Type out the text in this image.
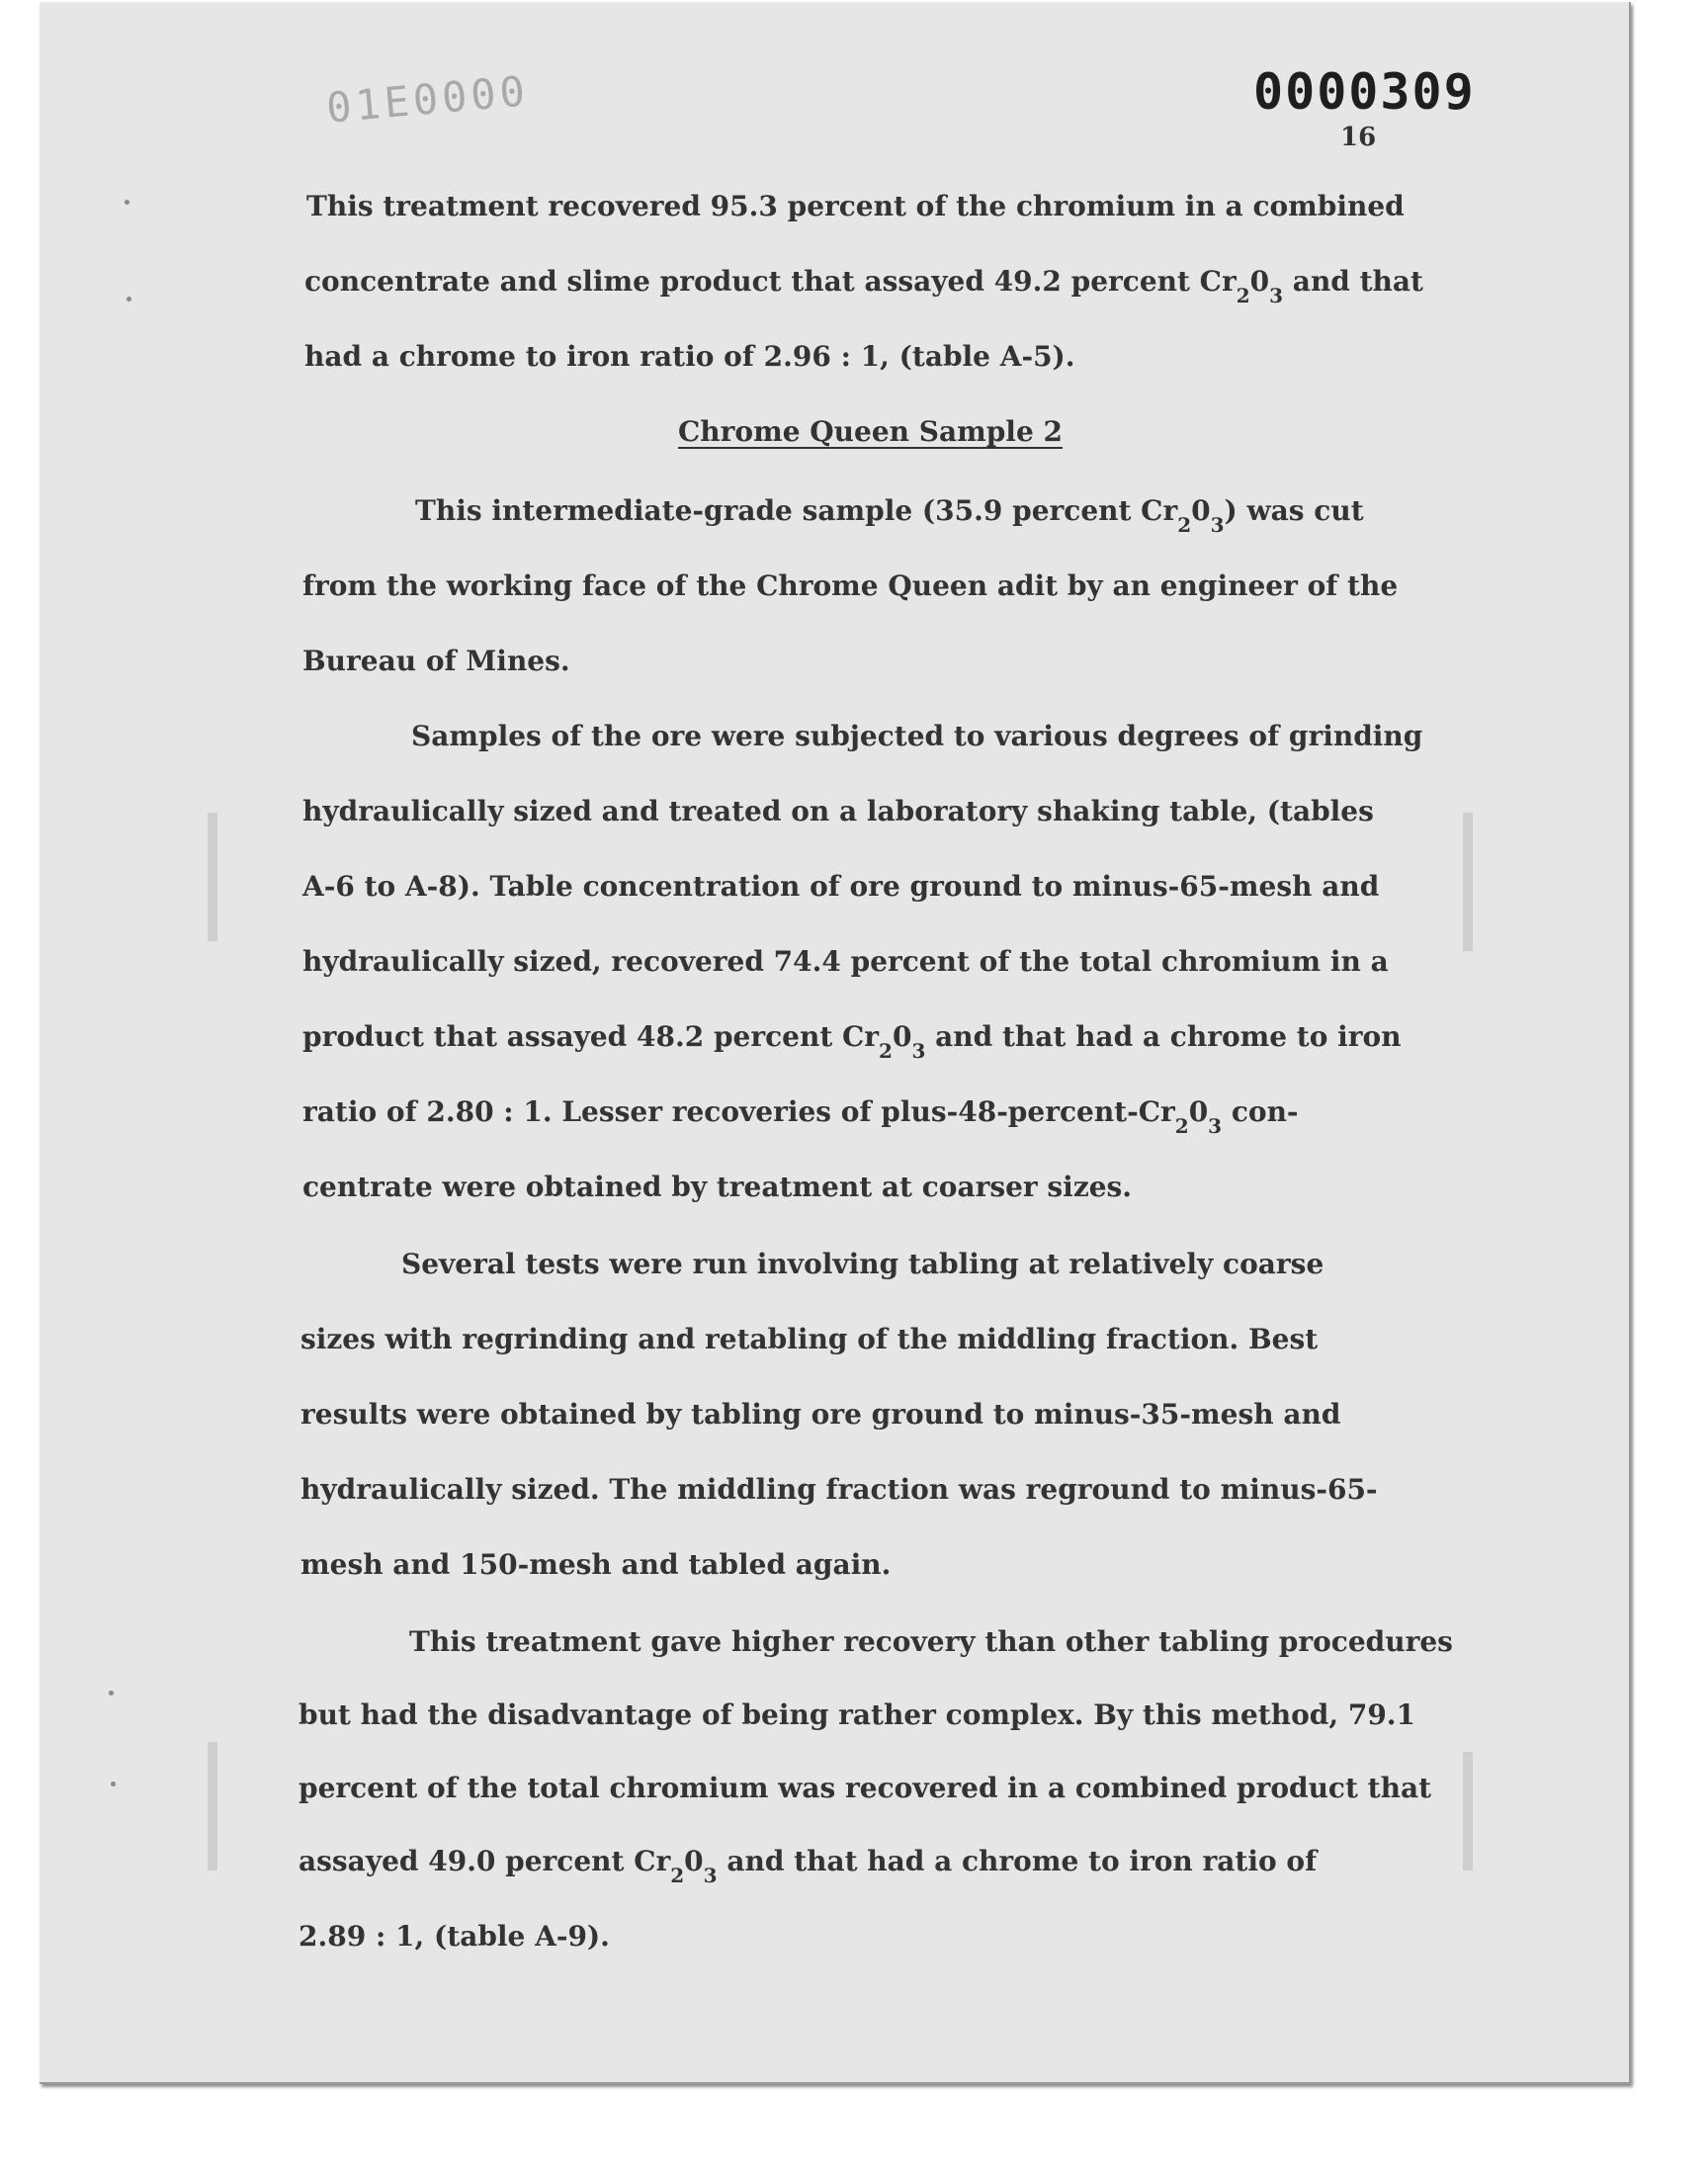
01E0000	0000309
16

This treatment recovered 95.3 percent of the chromium in a combined

concentrate and slime product that assayed 49.2 percent $Cr_20_3$ and that

had a chrome to iron ratio of 2.96 : 1, (table A-5).

Chrome Queen Sample 2

This intermediate-grade sample (35.9 percent $Cr_20_3$) was cut

from the working face of the Chrome Queen adit by an engineer of the

Bureau of Mines.

Samples of the ore were subjected to various degrees of grinding

hydraulically sized and treated on a laboratory shaking table, (tables

A-6 to A-8). Table concentration of ore ground to minus-65-mesh and

hydraulically sized, recovered 74.4 percent of the total chromium in a

product that assayed 48.2 percent $Cr_20_3$ and that had a chrome to iron

ratio of 2.80 : 1. Lesser recoveries of plus-$48-percent-Cr_20_3$ con-

centrate were obtained by treatment at coarser sizes.

Several tests were run involving tabling at relatively coarse

sizes with regrinding and retabling of the middling fraction. Best

results were obtained by tabling ore ground to minus-35-mesh and

hydraulically sized. The middling fraction was reground to minus-65-

mesh and 150-mesh and tabled again.

This treatment gave higher recovery than other tabling procedures

but had the disadvantage of being rather complex. By this method, 79.1

percent of the total chromium was recovered in a combined product that

assayed 49.0 percent $Cr_20_3$ and that had a chrome to iron ratio of

2.89 : 1, (table A-9).
